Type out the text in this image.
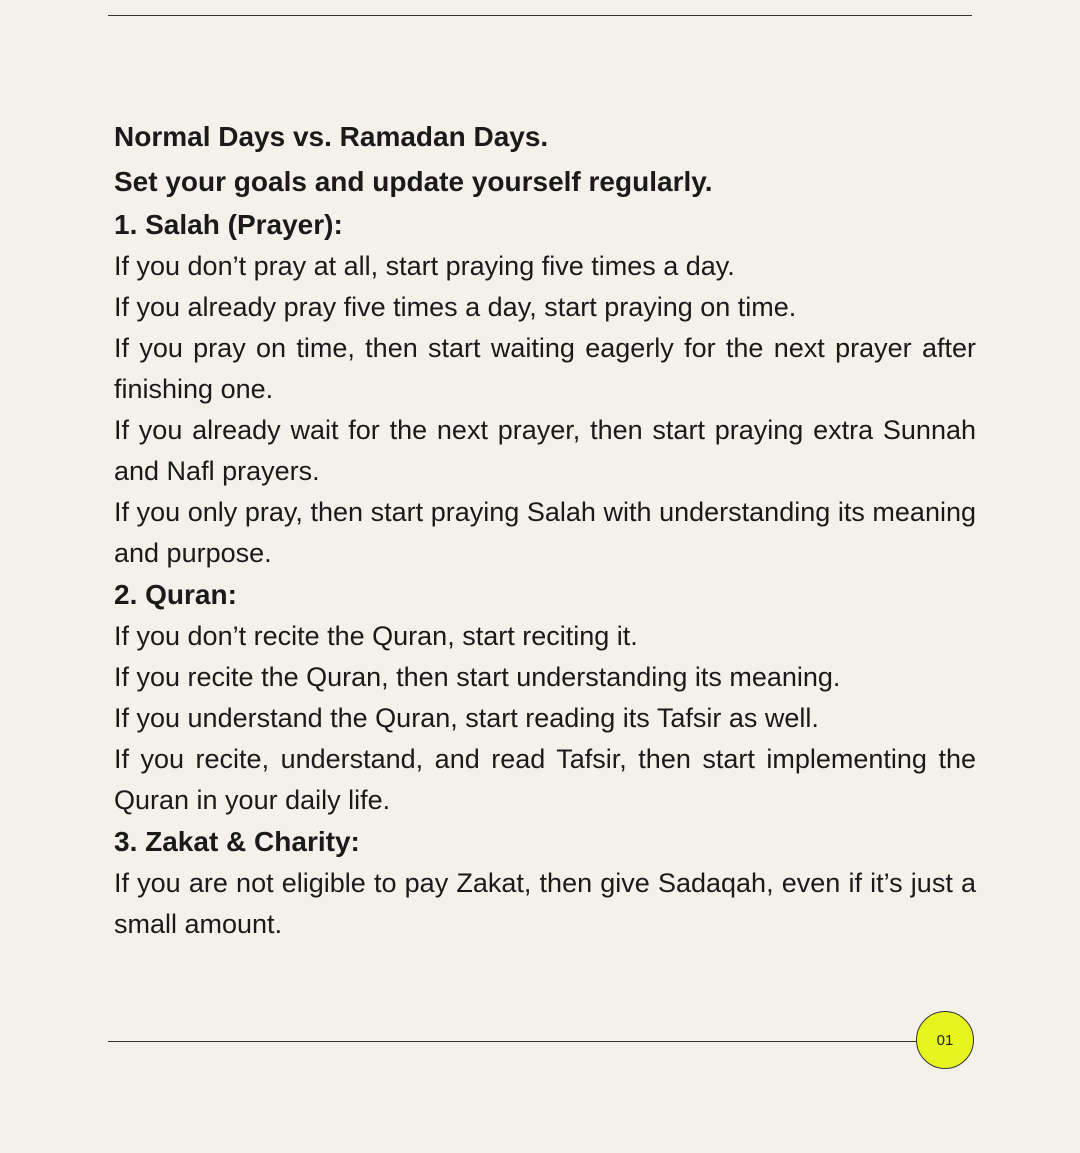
Normal Days vs. Ramadan Days.

Set your goals and update yourself regularly.

1. Salah (Prayer):

If you don’t pray at all, start praying five times a day.

If you already pray five times a day, start praying on time.

If you pray on time, then start waiting eagerly for the next prayer after finishing one.

If you already wait for the next prayer, then start praying extra Sunnah and Nafl prayers.

If you only pray, then start praying Salah with understanding its meaning and purpose.

2. Quran:

If you don’t recite the Quran, start reciting it.

If you recite the Quran, then start understanding its meaning.

If you understand the Quran, start reading its Tafsir as well.

If you recite, understand, and read Tafsir, then start implementing the Quran in your daily life.

3. Zakat & Charity:

If you are not eligible to pay Zakat, then give Sadaqah, even if it’s just a small amount.

01
